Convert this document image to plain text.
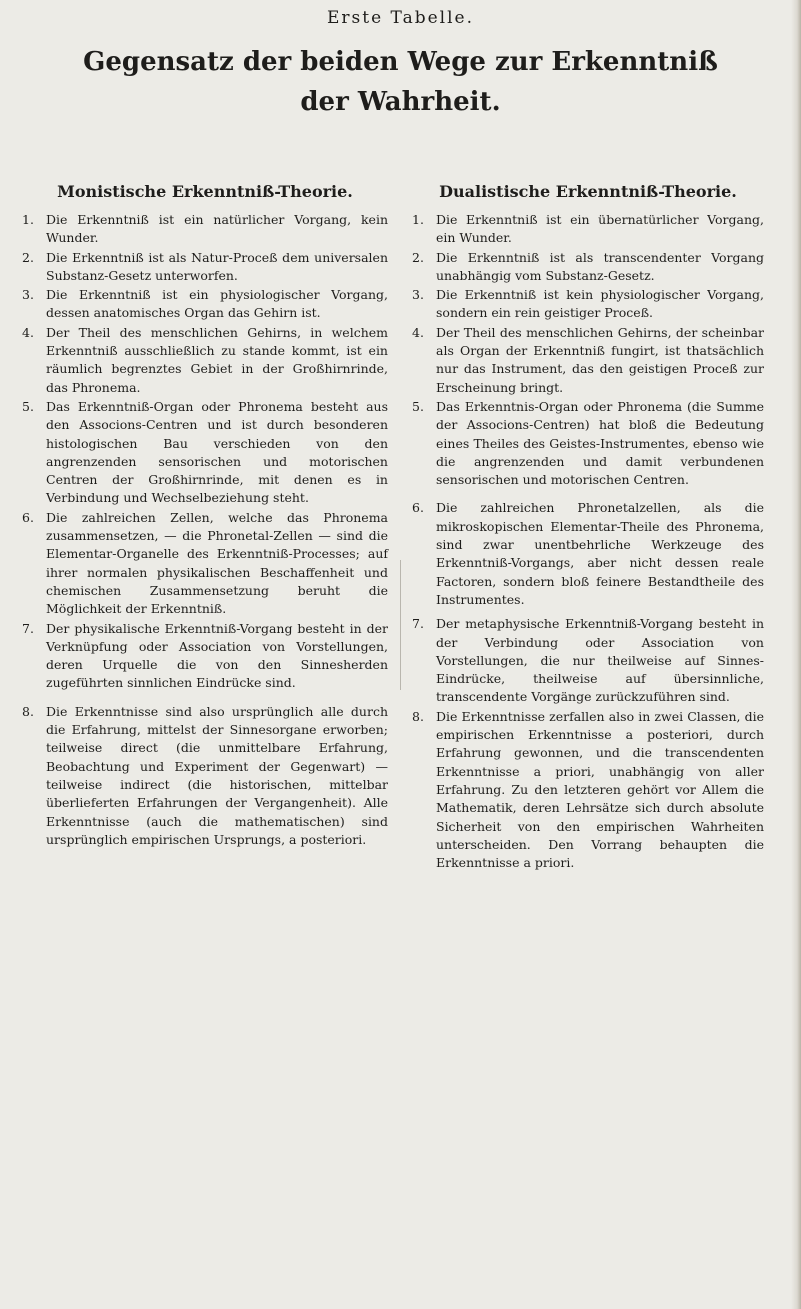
Erste Tabelle.
Gegensatz der beiden Wege zur Erkenntniß der Wahrheit.
Monistische Erkenntniß-Theorie.
1. Die Erkenntniß ist ein natürlicher Vorgang, kein Wunder.
2. Die Erkenntniß ist als Natur-Proceß dem universalen Substanz-Gesetz unterworfen.
3. Die Erkenntniß ist ein physiologischer Vorgang, dessen anatomisches Organ das Gehirn ist.
4. Der Theil des menschlichen Gehirns, in welchem Erkenntniß ausschließlich zu stande kommt, ist ein räumlich begrenztes Gebiet in der Großhirnrinde, das Phronema.
5. Das Erkenntniß-Organ oder Phronema besteht aus den Associons-Centren und ist durch besonderen histologischen Bau verschieden von den angrenzenden sensorischen und motorischen Centren der Großhirnrinde, mit denen es in Verbindung und Wechselbeziehung steht.
6. Die zahlreichen Zellen, welche das Phronema zusammensetzen, — die Phronetal-Zellen — sind die Elementar-Organelle des Erkenntniß-Processes; auf ihrer normalen physikalischen Beschaffenheit und chemischen Zusammensetzung beruht die Möglichkeit der Erkenntniß.
7. Der physikalische Erkenntniß-Vorgang besteht in der Verknüpfung oder Association von Vorstellungen, deren Urquelle die von den Sinnesherden zugeführten sinnlichen Eindrücke sind.
8. Die Erkenntnisse sind also ursprünglich alle durch die Erfahrung, mittelst der Sinnesorgane erworben; teilweise direct (die unmittelbare Erfahrung, Beobachtung und Experiment der Gegenwart) — teilweise indirect (die historischen, mittelbar überlieferten Erfahrungen der Vergangenheit). Alle Erkenntnisse (auch die mathematischen) sind ursprünglich empirischen Ursprungs, a posteriori.
Dualistische Erkenntniß-Theorie.
1. Die Erkenntniß ist ein übernatürlicher Vorgang, ein Wunder.
2. Die Erkenntniß ist als transcendenter Vorgang unabhängig vom Substanz-Gesetz.
3. Die Erkenntniß ist kein physiologischer Vorgang, sondern ein rein geistiger Proceß.
4. Der Theil des menschlichen Gehirns, der scheinbar als Organ der Erkenntniß fungirt, ist thatsächlich nur das Instrument, das den geistigen Proceß zur Erscheinung bringt.
5. Das Erkenntnis-Organ oder Phronema (die Summe der Associons-Centren) hat bloß die Bedeutung eines Theiles des Geistes-Instrumentes, ebenso wie die angrenzenden und damit verbundenen sensorischen und motorischen Centren.
6. Die zahlreichen Phronetalzellen, als die mikroskopischen Elementar-Theile des Phronema, sind zwar unentbehrliche Werkzeuge des Erkenntniß-Vorgangs, aber nicht dessen reale Factoren, sondern bloß feinere Bestandtheile des Instrumentes.
7. Der metaphysische Erkenntniß-Vorgang besteht in der Verbindung oder Association von Vorstellungen, die nur theilweise auf Sinnes-Eindrücke, theilweise auf übersinnliche, transcendente Vorgänge zurückzuführen sind.
8. Die Erkenntnisse zerfallen also in zwei Classen, die empirischen Erkenntnisse a posteriori, durch Erfahrung gewonnen, und die transcendenten Erkenntnisse a priori, unabhängig von aller Erfahrung. Zu den letzteren gehört vor Allem die Mathematik, deren Lehrsätze sich durch absolute Sicherheit von den empirischen Wahrheiten unterscheiden. Den Vorrang behaupten die Erkenntnisse a priori.
